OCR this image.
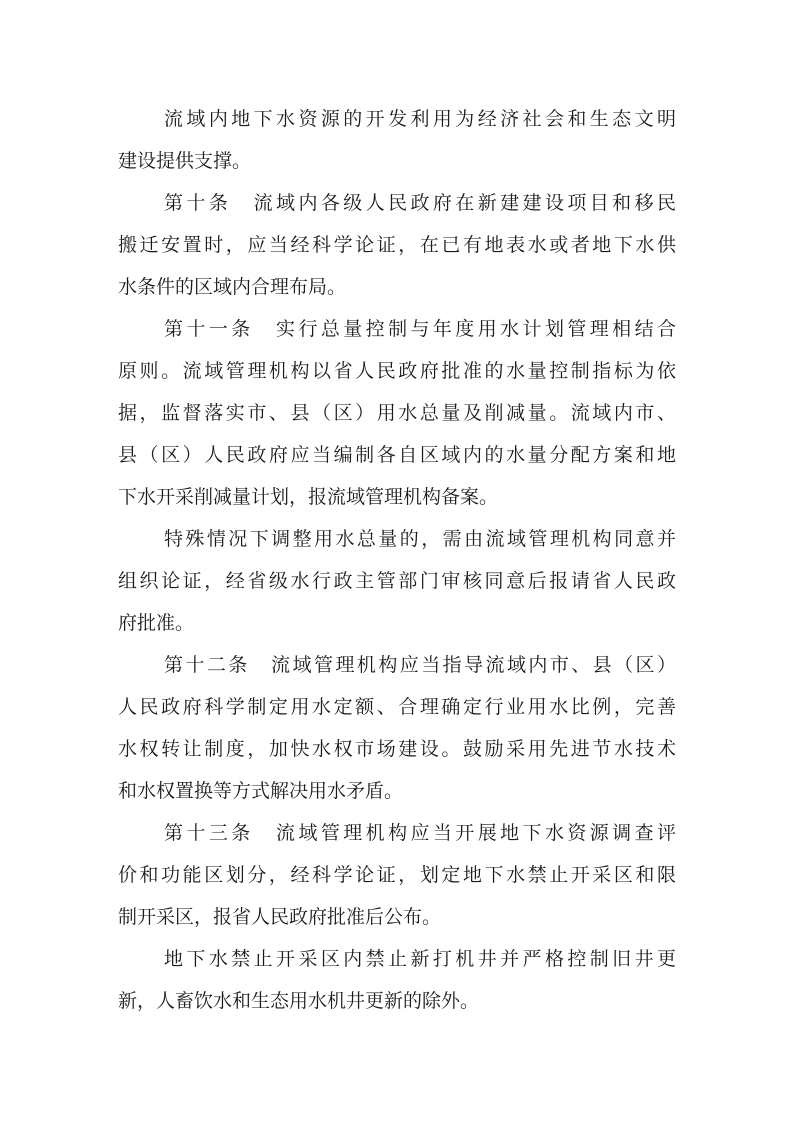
流域内地下水资源的开发利用为经济社会和生态文明
建设提供支撑。
第十条　流域内各级人民政府在新建建设项目和移民
搬迁安置时，应当经科学论证，在已有地表水或者地下水供
水条件的区域内合理布局。
第十一条　实行总量控制与年度用水计划管理相结合
原则。流域管理机构以省人民政府批准的水量控制指标为依
据，监督落实市、县（区）用水总量及削减量。流域内市、
县（区）人民政府应当编制各自区域内的水量分配方案和地
下水开采削减量计划，报流域管理机构备案。
特殊情况下调整用水总量的，需由流域管理机构同意并
组织论证，经省级水行政主管部门审核同意后报请省人民政
府批准。
第十二条　流域管理机构应当指导流域内市、县（区）
人民政府科学制定用水定额、合理确定行业用水比例，完善
水权转让制度，加快水权市场建设。鼓励采用先进节水技术
和水权置换等方式解决用水矛盾。
第十三条　流域管理机构应当开展地下水资源调查评
价和功能区划分，经科学论证，划定地下水禁止开采区和限
制开采区，报省人民政府批准后公布。
地下水禁止开采区内禁止新打机井并严格控制旧井更
新，人畜饮水和生态用水机井更新的除外。
